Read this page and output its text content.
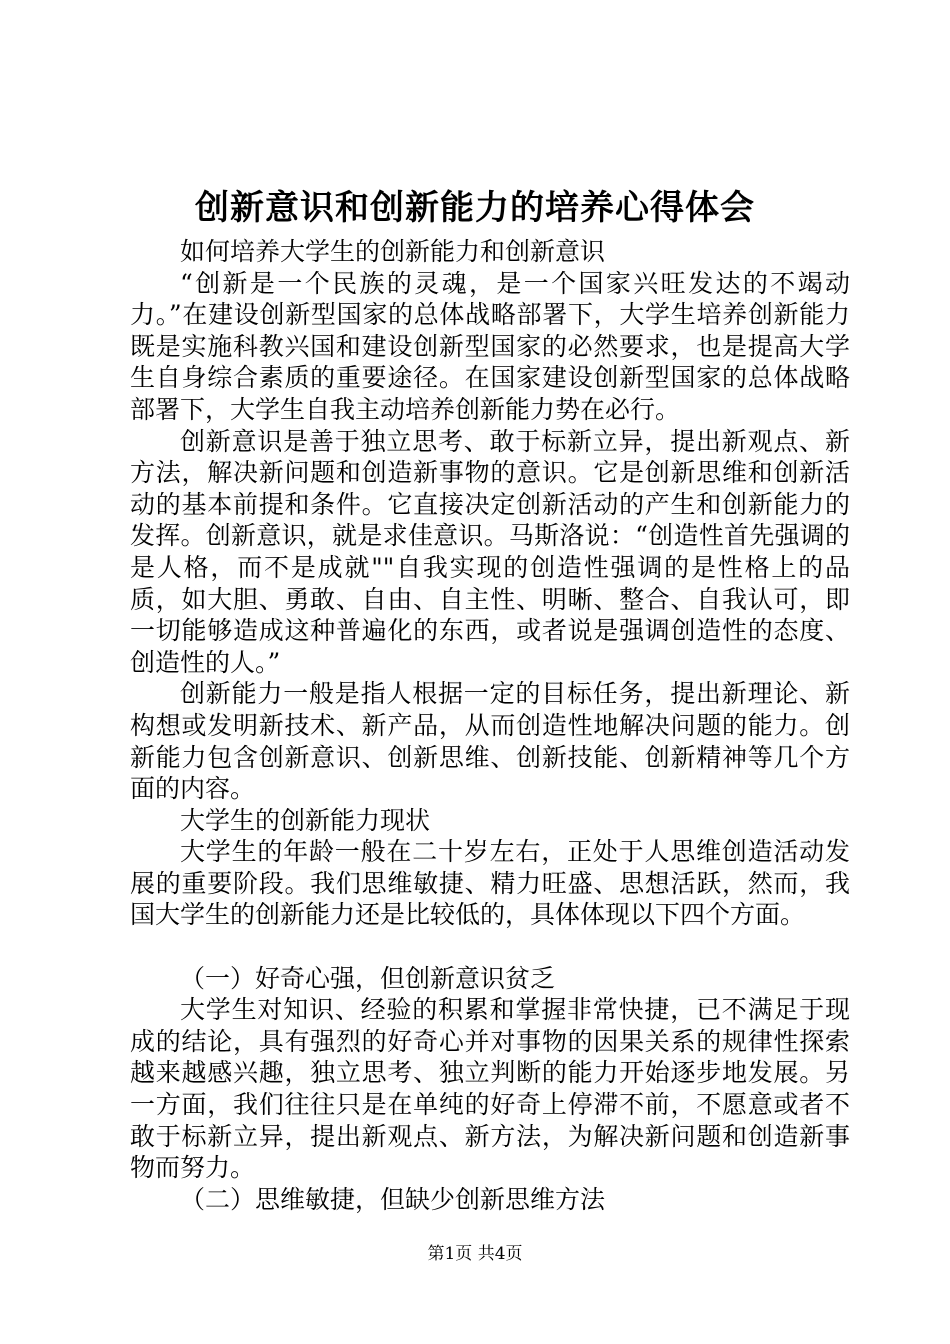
创新意识和创新能力的培养心得体会

如何培养大学生的创新能力和创新意识

“创新是一个民族的灵魂，是一个国家兴旺发达的不竭动力。”在建设创新型国家的总体战略部署下，大学生培养创新能力既是实施科教兴国和建设创新型国家的必然要求，也是提高大学生自身综合素质的重要途径。在国家建设创新型国家的总体战略部署下，大学生自我主动培养创新能力势在必行。

创新意识是善于独立思考、敢于标新立异，提出新观点、新方法，解决新问题和创造新事物的意识。它是创新思维和创新活动的基本前提和条件。它直接决定创新活动的产生和创新能力的发挥。创新意识，就是求佳意识。马斯洛说：“创造性首先强调的是人格，而不是成就""自我实现的创造性强调的是性格上的品质，如大胆、勇敢、自由、自主性、明晰、整合、自我认可，即一切能够造成这种普遍化的东西，或者说是强调创造性的态度、创造性的人。”

创新能力一般是指人根据一定的目标任务，提出新理论、新构想或发明新技术、新产品，从而创造性地解决问题的能力。创新能力包含创新意识、创新思维、创新技能、创新精神等几个方面的内容。

大学生的创新能力现状

大学生的年龄一般在二十岁左右，正处于人思维创造活动发展的重要阶段。我们思维敏捷、精力旺盛、思想活跃，然而，我国大学生的创新能力还是比较低的，具体体现以下四个方面。

（一）好奇心强，但创新意识贫乏

大学生对知识、经验的积累和掌握非常快捷，已不满足于现成的结论，具有强烈的好奇心并对事物的因果关系的规律性探索越来越感兴趣，独立思考、独立判断的能力开始逐步地发展。另一方面，我们往往只是在单纯的好奇上停滞不前，不愿意或者不敢于标新立异，提出新观点、新方法，为解决新问题和创造新事物而努力。

（二）思维敏捷，但缺少创新思维方法

第1页 共4页
